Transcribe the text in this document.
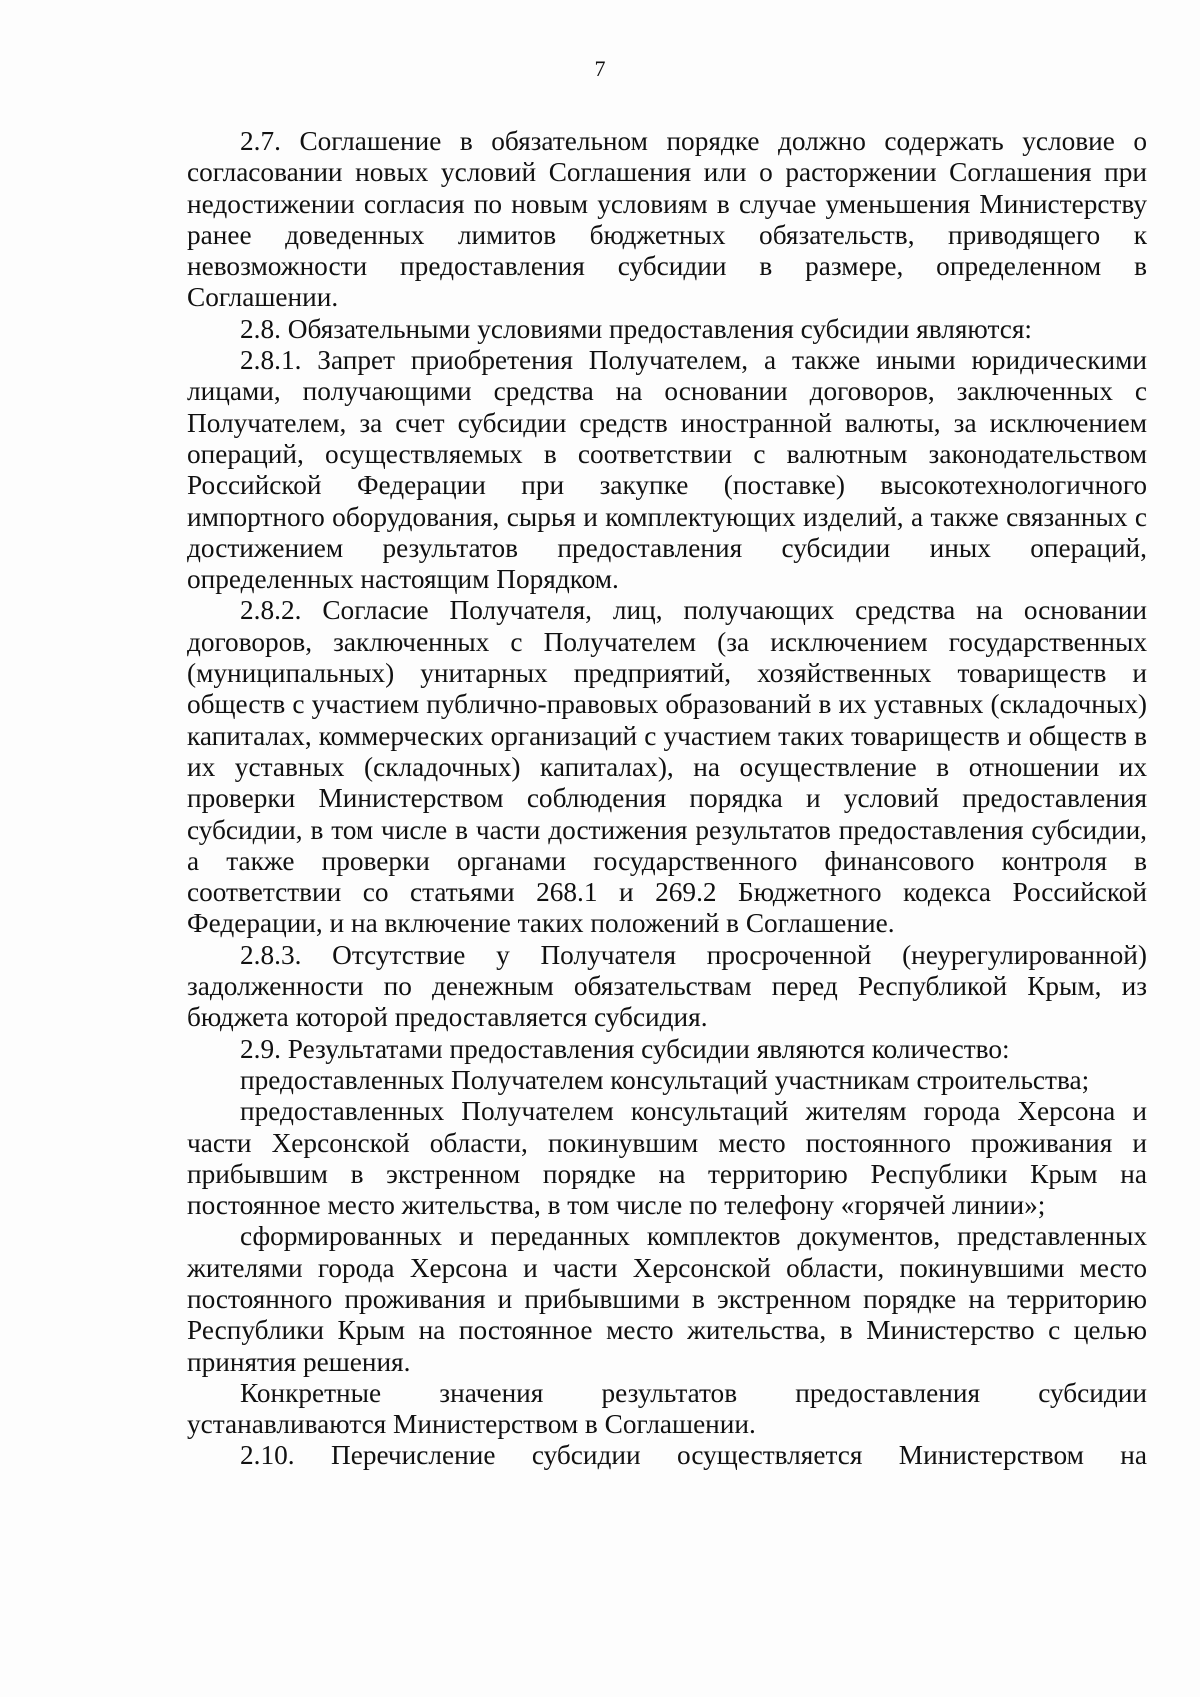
7

2.7. Соглашение в обязательном порядке должно содержать условие о согласовании новых условий Соглашения или о расторжении Соглашения при недостижении согласия по новым условиям в случае уменьшения Министерству ранее доведенных лимитов бюджетных обязательств, приводящего к невозможности предоставления субсидии в размере, определенном в Соглашении.

2.8. Обязательными условиями предоставления субсидии являются:

2.8.1. Запрет приобретения Получателем, а также иными юридическими лицами, получающими средства на основании договоров, заключенных с Получателем, за счет субсидии средств иностранной валюты, за исключением операций, осуществляемых в соответствии с валютным законодательством Российской Федерации при закупке (поставке) высокотехнологичного импортного оборудования, сырья и комплектующих изделий, а также связанных с достижением результатов предоставления субсидии иных операций, определенных настоящим Порядком.

2.8.2. Согласие Получателя, лиц, получающих средства на основании договоров, заключенных с Получателем (за исключением государственных (муниципальных) унитарных предприятий, хозяйственных товариществ и обществ с участием публично-правовых образований в их уставных (складочных) капиталах, коммерческих организаций с участием таких товариществ и обществ в их уставных (складочных) капиталах), на осуществление в отношении их проверки Министерством соблюдения порядка и условий предоставления субсидии, в том числе в части достижения результатов предоставления субсидии, а также проверки органами государственного финансового контроля в соответствии со статьями 268.1 и 269.2 Бюджетного кодекса Российской Федерации, и на включение таких положений в Соглашение.

2.8.3. Отсутствие у Получателя просроченной (неурегулированной) задолженности по денежным обязательствам перед Республикой Крым, из бюджета которой предоставляется субсидия.

2.9. Результатами предоставления субсидии являются количество:

предоставленных Получателем консультаций участникам строительства;

предоставленных Получателем консультаций жителям города Херсона и части Херсонской области, покинувшим место постоянного проживания и прибывшим в экстренном порядке на территорию Республики Крым на постоянное место жительства, в том числе по телефону «горячей линии»;

сформированных и переданных комплектов документов, представленных жителями города Херсона и части Херсонской области, покинувшими место постоянного проживания и прибывшими в экстренном порядке на территорию Республики Крым на постоянное место жительства, в Министерство с целью принятия решения.

Конкретные значения результатов предоставления субсидии устанавливаются Министерством в Соглашении.

2.10. Перечисление субсидии осуществляется Министерством на
